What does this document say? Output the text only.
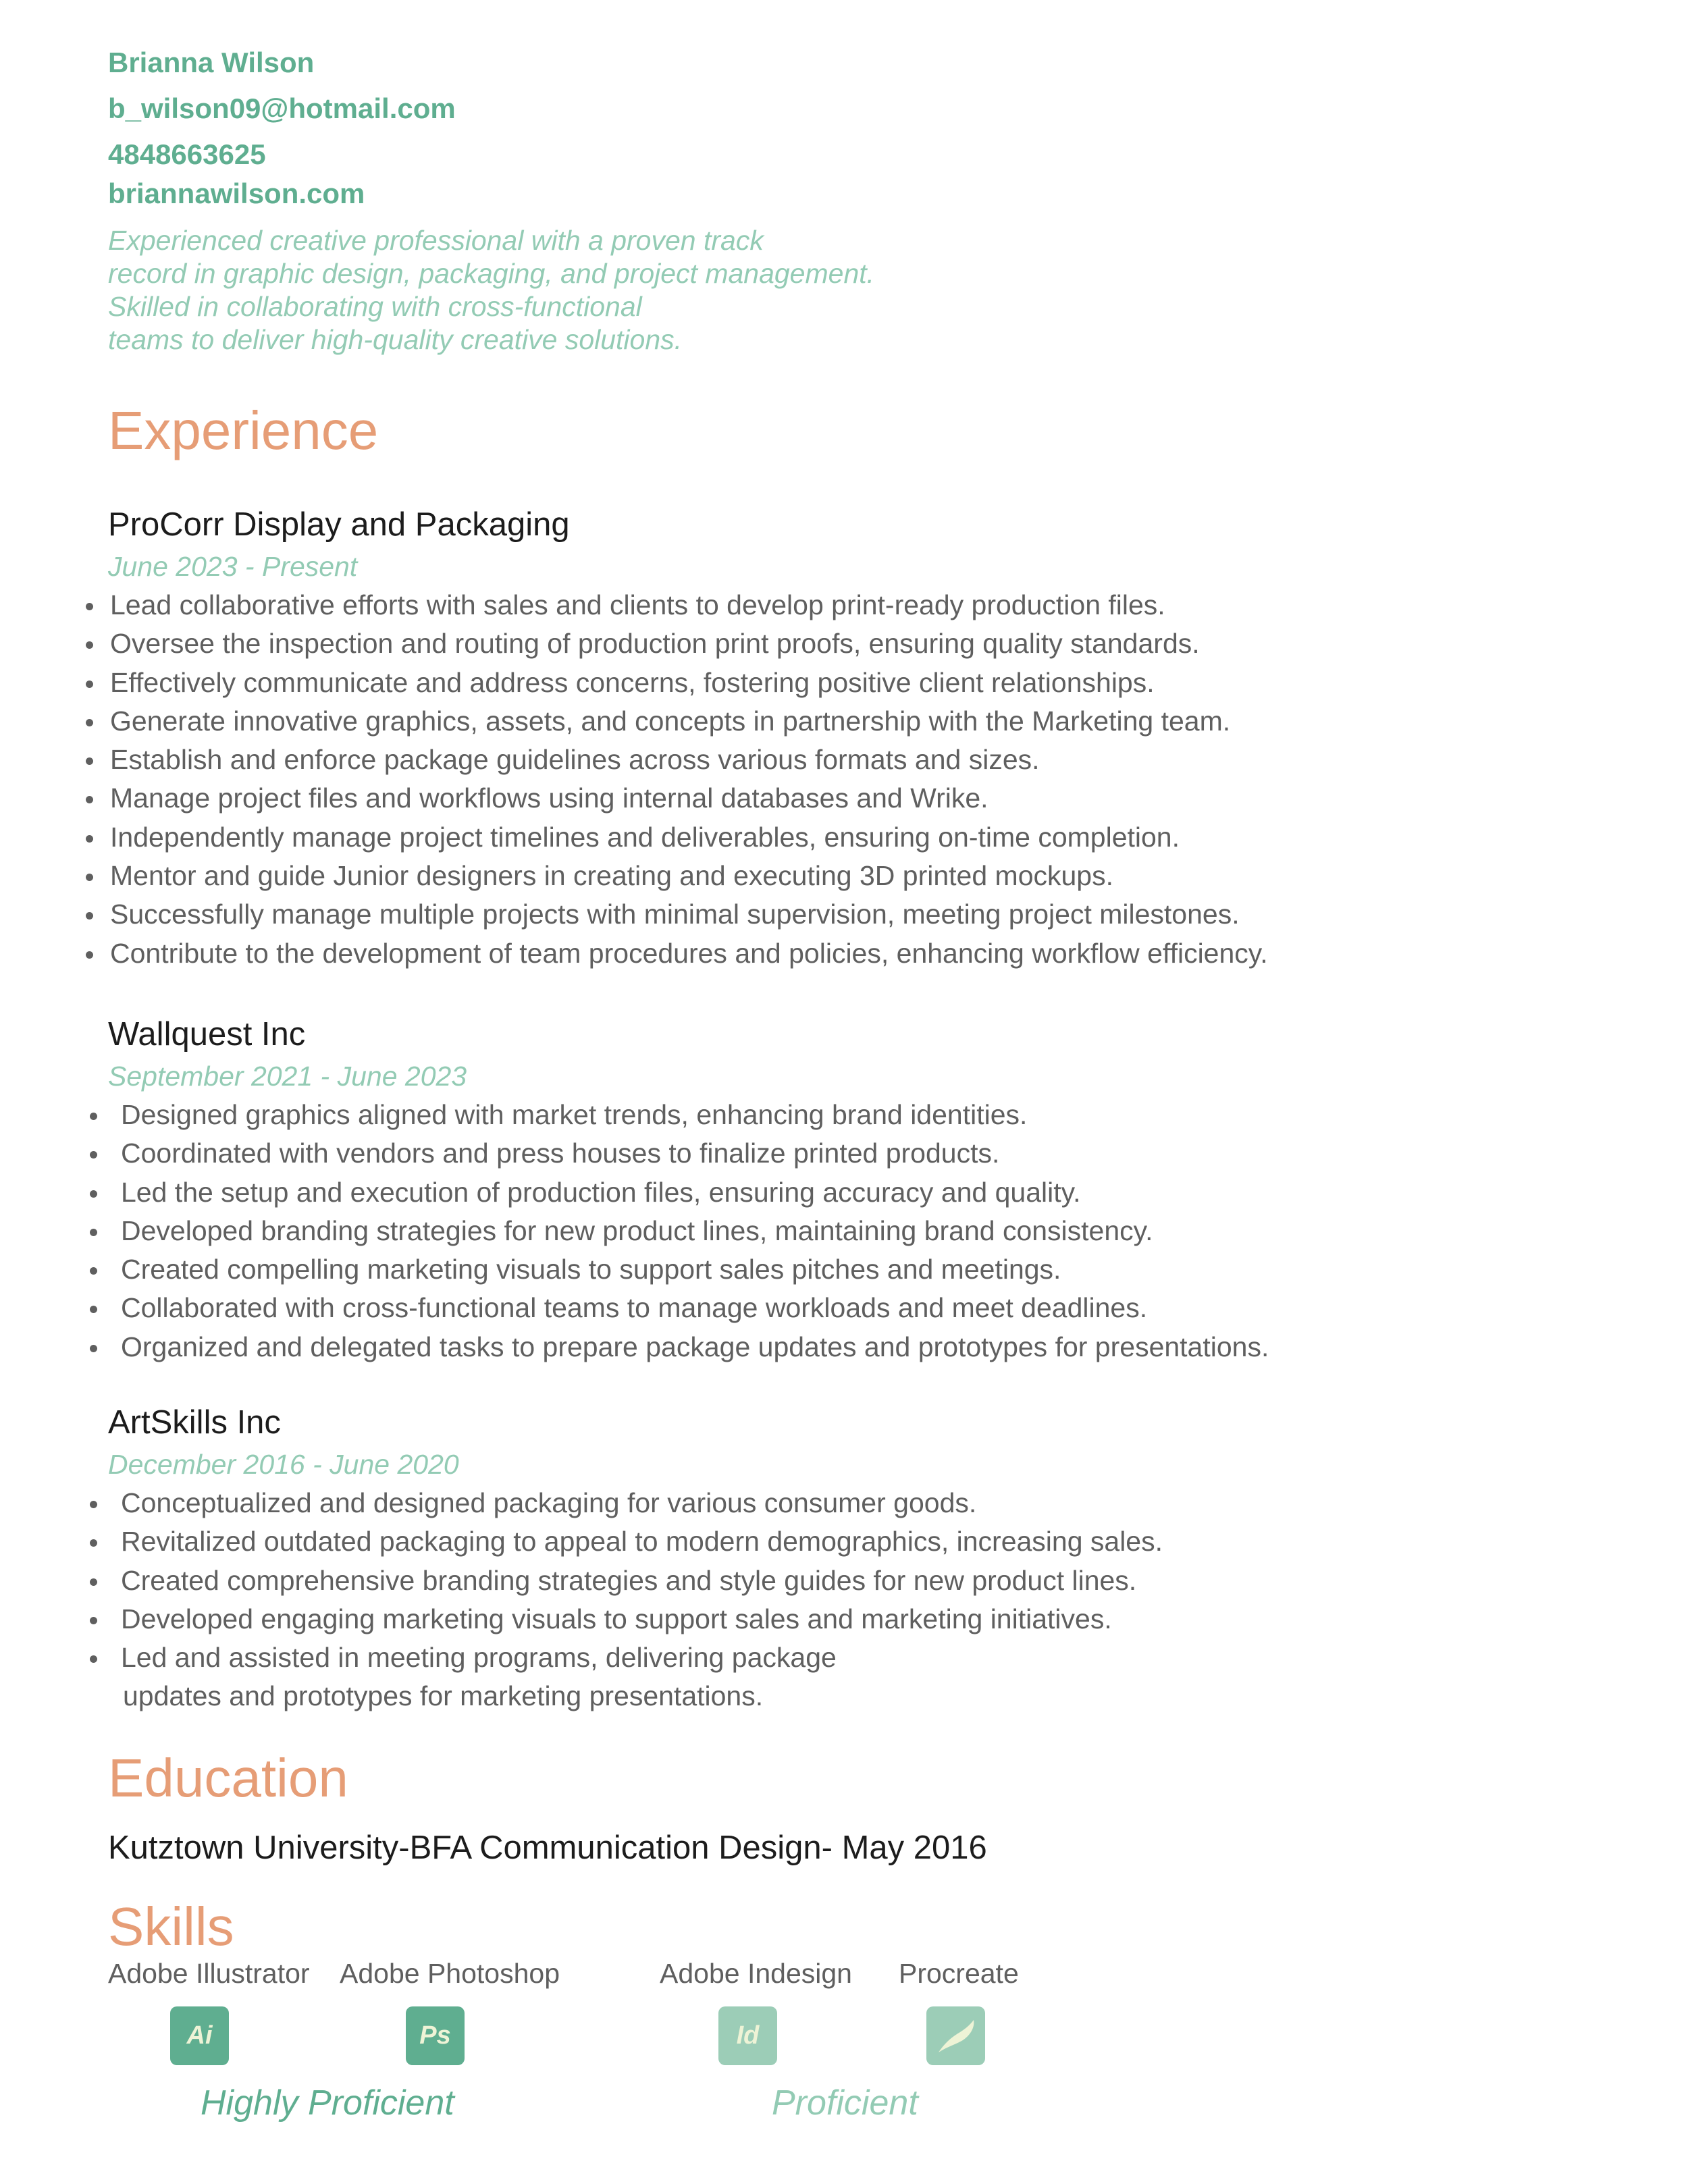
Brianna Wilson
b_wilson09@hotmail.com
4848663625
briannawilson.com
Experienced creative professional with a proven track
record in graphic design, packaging, and project management.
Skilled in collaborating with cross-functional
teams to deliver high-quality creative solutions.
Experience
ProCorr Display and Packaging
June 2023 - Present
Lead collaborative efforts with sales and clients to develop print-ready production files.
Oversee the inspection and routing of production print proofs, ensuring quality standards.
Effectively communicate and address concerns, fostering positive client relationships.
Generate innovative graphics, assets, and concepts in partnership with the Marketing team.
Establish and enforce package guidelines across various formats and sizes.
Manage project files and workflows using internal databases and Wrike.
Independently manage project timelines and deliverables, ensuring on-time completion.
Mentor and guide Junior designers in creating and executing 3D printed mockups.
Successfully manage multiple projects with minimal supervision, meeting project milestones.
Contribute to the development of team procedures and policies, enhancing workflow efficiency.
Wallquest Inc
September 2021 - June 2023
Designed graphics aligned with market trends, enhancing brand identities.
Coordinated with vendors and press houses to finalize printed products.
Led the setup and execution of production files, ensuring accuracy and quality.
Developed branding strategies for new product lines, maintaining brand consistency.
Created compelling marketing visuals to support sales pitches and meetings.
Collaborated with cross-functional teams to manage workloads and meet deadlines.
Organized and delegated tasks to prepare package updates and prototypes for presentations.
ArtSkills Inc
December 2016 - June 2020
Conceptualized and designed packaging for various consumer goods.
Revitalized outdated packaging to appeal to modern demographics, increasing sales.
Created comprehensive branding strategies and style guides for new product lines.
Developed engaging marketing visuals to support sales and marketing initiatives.
Led and assisted in meeting programs, delivering package
updates and prototypes for marketing presentations.
Education
Kutztown University-BFA Communication Design- May 2016
Skills
Adobe Illustrator Adobe Photoshop	Adobe Indesign Procreate
Ai	Ps	Id
Highly Proficient	Proficient
